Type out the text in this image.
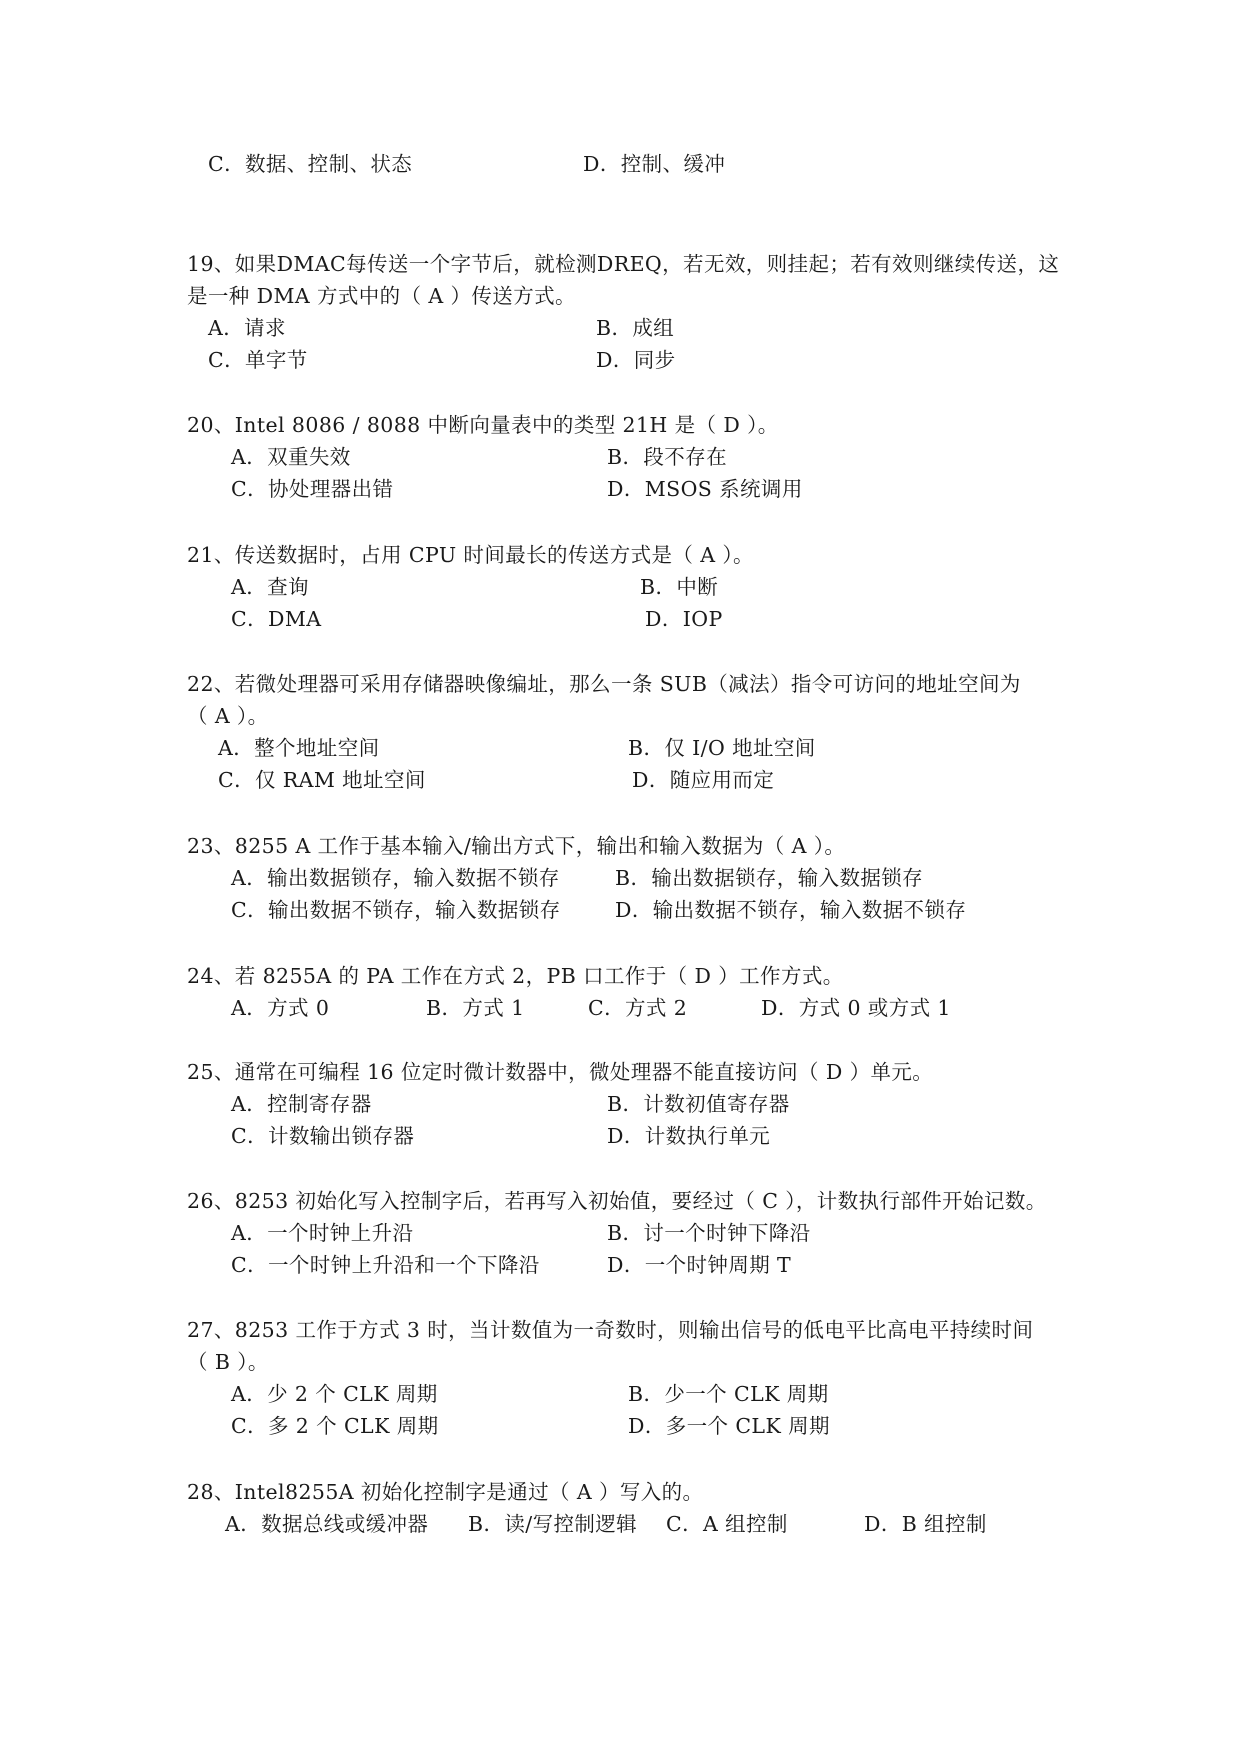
C．数据、控制、状态	D．控制、缓冲
19、如果DMAC每传送一个字节后，就检测DREQ，若无效，则挂起；若有效则继续传送，这
是一种 DMA 方式中的（ A ）传送方式。
A．请求	B．成组
C．单字节	D．同步
20、Intel 8086 / 8088 中断向量表中的类型 21H 是（ D ）。
A．双重失效	B．段不存在
C．协处理器出错	D．MSOS 系统调用
21、传送数据时，占用 CPU 时间最长的传送方式是（ A ）。
A．查询	B．中断
C．DMA	D．IOP
22、若微处理器可采用存储器映像编址，那么一条 SUB（减法）指令可访问的地址空间为
（ A ）。
A．整个地址空间	B．仅 I/O 地址空间
C．仅 RAM 地址空间	D．随应用而定
23、8255 A 工作于基本输入/输出方式下，输出和输入数据为（ A ）。
A．输出数据锁存，输入数据不锁存	B．输出数据锁存，输入数据锁存
C．输出数据不锁存，输入数据锁存	D．输出数据不锁存，输入数据不锁存
24、若 8255A 的 PA 工作在方式 2，PB 口工作于（ D ）工作方式。
A．方式 0	B．方式 1	C．方式 2	D．方式 0 或方式 1
25、通常在可编程 16 位定时微计数器中，微处理器不能直接访问（ D ）单元。
A．控制寄存器	B．计数初值寄存器
C．计数输出锁存器	D．计数执行单元
26、8253 初始化写入控制字后，若再写入初始值，要经过（ C ），计数执行部件开始记数。
A．一个时钟上升沿	B．讨一个时钟下降沿
C．一个时钟上升沿和一个下降沿	D．一个时钟周期 T
27、8253 工作于方式 3 时，当计数值为一奇数时，则输出信号的低电平比高电平持续时间
（ B ）。
A．少 2 个 CLK 周期	B．少一个 CLK 周期
C．多 2 个 CLK 周期	D．多一个 CLK 周期
28、Intel8255A 初始化控制字是通过（ A ）写入的。
A．数据总线或缓冲器 B．读/写控制逻辑 C．A 组控制	D．B 组控制
